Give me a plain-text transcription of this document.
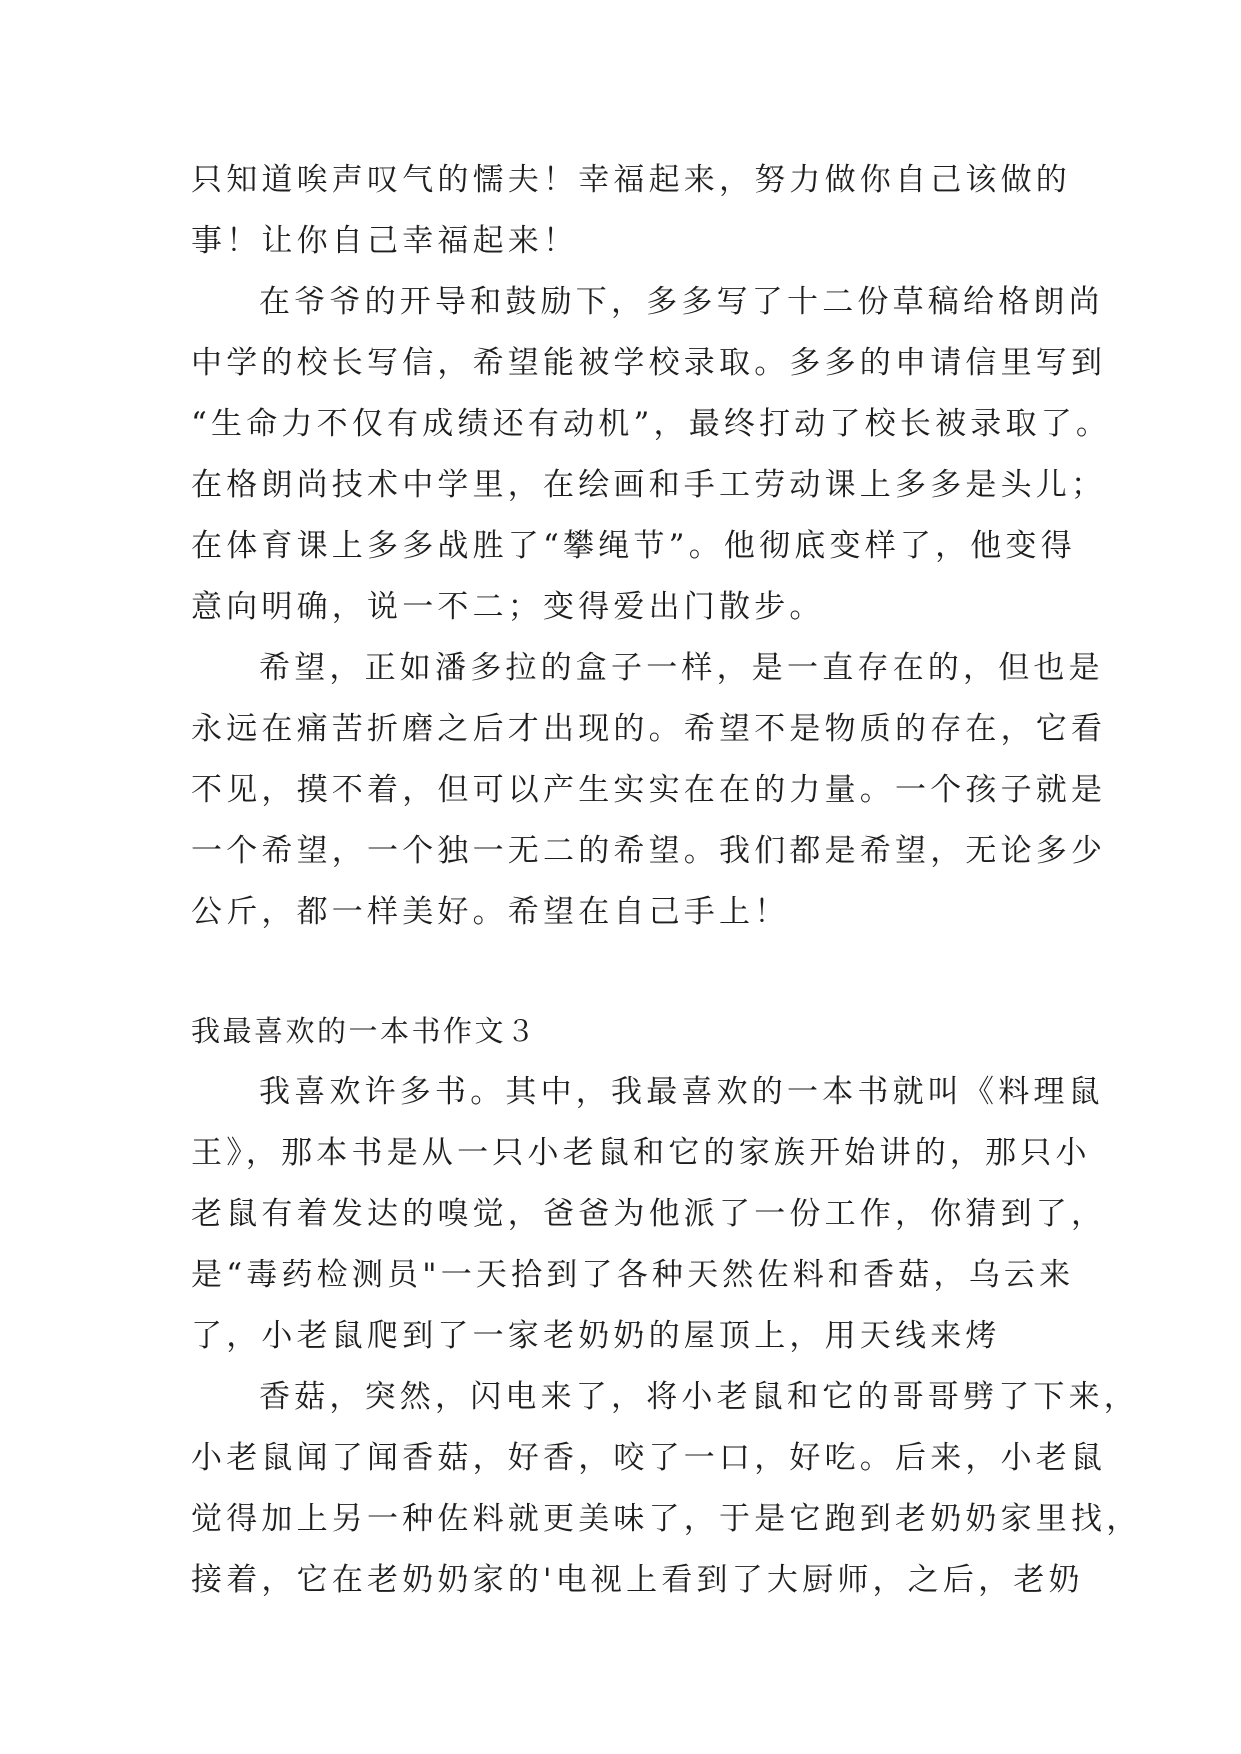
只知道唉声叹气的懦夫！幸福起来，努力做你自己该做的
事！让你自己幸福起来！
在爷爷的开导和鼓励下，多多写了十二份草稿给格朗尚
中学的校长写信，希望能被学校录取。多多的申请信里写到
“生命力不仅有成绩还有动机”，最终打动了校长被录取了。
在格朗尚技术中学里，在绘画和手工劳动课上多多是头儿；
在体育课上多多战胜了“攀绳节”。他彻底变样了，他变得
意向明确，说一不二；变得爱出门散步。
希望，正如潘多拉的盒子一样，是一直存在的，但也是
永远在痛苦折磨之后才出现的。希望不是物质的存在，它看
不见，摸不着，但可以产生实实在在的力量。一个孩子就是
一个希望，一个独一无二的希望。我们都是希望，无论多少
公斤，都一样美好。希望在自己手上！
我最喜欢的一本书作文３
我喜欢许多书。其中，我最喜欢的一本书就叫《料理鼠
王》，那本书是从一只小老鼠和它的家族开始讲的，那只小
老鼠有着发达的嗅觉，爸爸为他派了一份工作，你猜到了，
是“毒药检测员"一天拾到了各种天然佐料和香菇，乌云来
了，小老鼠爬到了一家老奶奶的屋顶上，用天线来烤
香菇，突然，闪电来了，将小老鼠和它的哥哥劈了下来，
小老鼠闻了闻香菇，好香，咬了一口，好吃。后来，小老鼠
觉得加上另一种佐料就更美味了，于是它跑到老奶奶家里找，
接着，它在老奶奶家的'电视上看到了大厨师，之后，老奶
